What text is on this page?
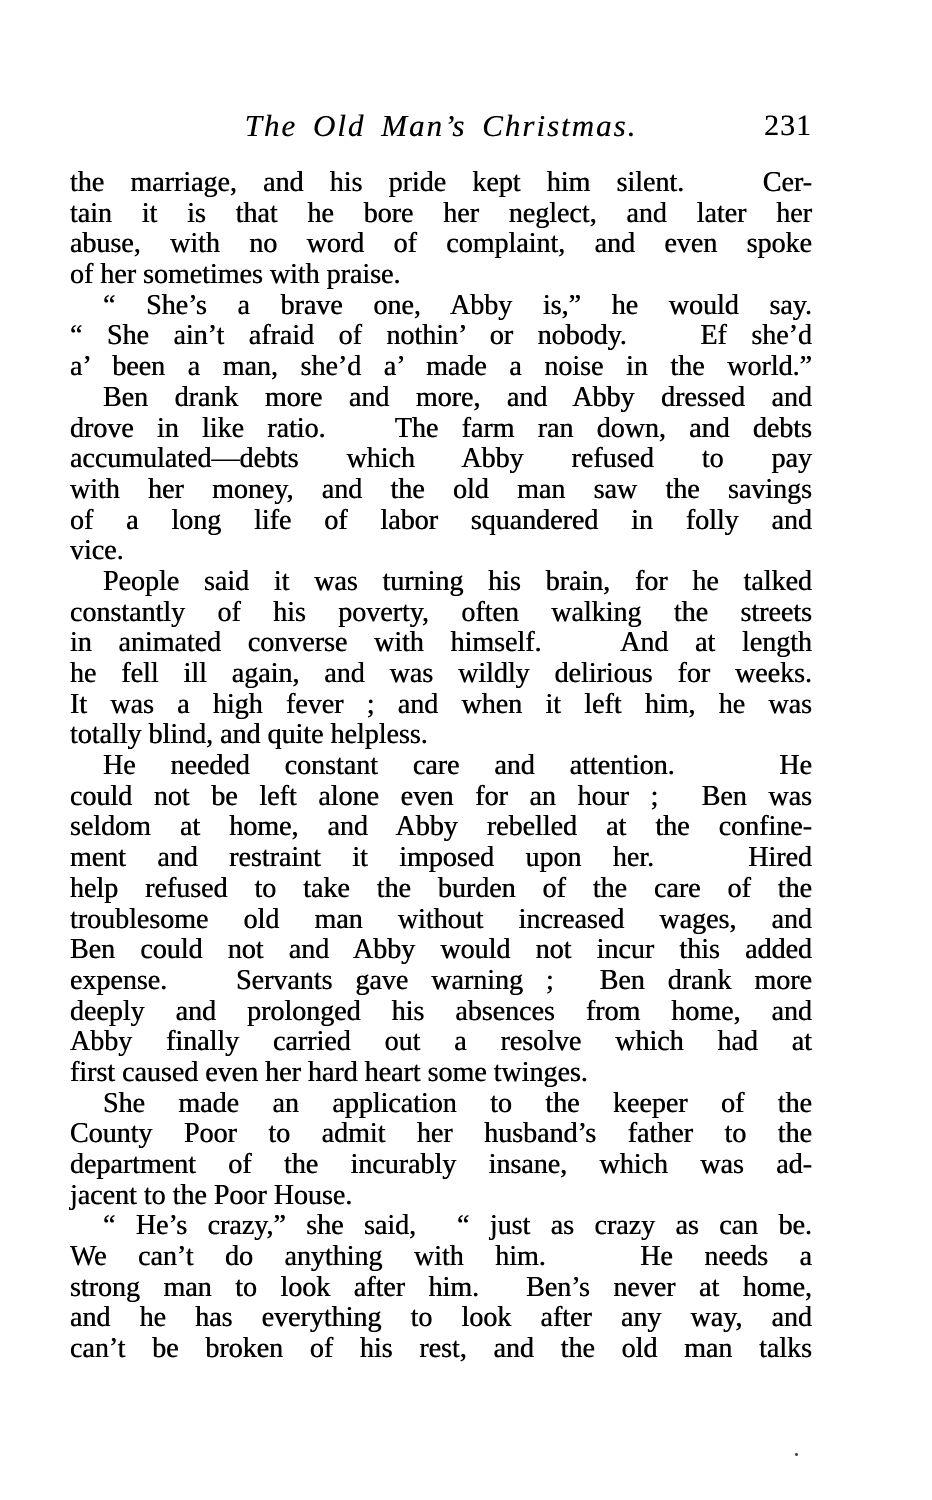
The Old Man’s Christmas.	231
the marriage, and his pride kept him silent.   Cer-
tain it is that he bore her neglect, and later her
abuse, with no word of complaint, and even spoke
of her sometimes with praise.
“ She’s a brave one, Abby is,” he would say.
“ She ain’t afraid of nothin’ or nobody.   Ef she’d
a’ been a man, she’d a’ made a noise in the world.”
Ben drank more and more, and Abby dressed and
drove in like ratio.   The farm ran down, and debts
accumulated—debts which Abby refused to pay
with her money, and the old man saw the savings
of a long life of labor squandered in folly and
vice.
People said it was turning his brain, for he talked
constantly of his poverty, often walking the streets
in animated converse with himself.   And at length
he fell ill again, and was wildly delirious for weeks.
It was a high fever ; and when it left him, he was
totally blind, and quite helpless.
He needed constant care and attention.   He
could not be left alone even for an hour ;  Ben was
seldom at home, and Abby rebelled at the confine-
ment and restraint it imposed upon her.   Hired
help refused to take the burden of the care of the
troublesome old man without increased wages, and
Ben could not and Abby would not incur this added
expense.   Servants gave warning ;  Ben drank more
deeply and prolonged his absences from home, and
Abby finally carried out a resolve which had at
first caused even her hard heart some twinges.
She made an application to the keeper of the
County Poor to admit her husband’s father to the
department of the incurably insane, which was ad-
jacent to the Poor House.
“ He’s crazy,” she said,  “ just as crazy as can be.
We can’t do anything with him.   He needs a
strong man to look after him.  Ben’s never at home,
and he has everything to look after any way, and
can’t be broken of his rest, and the old man talks
